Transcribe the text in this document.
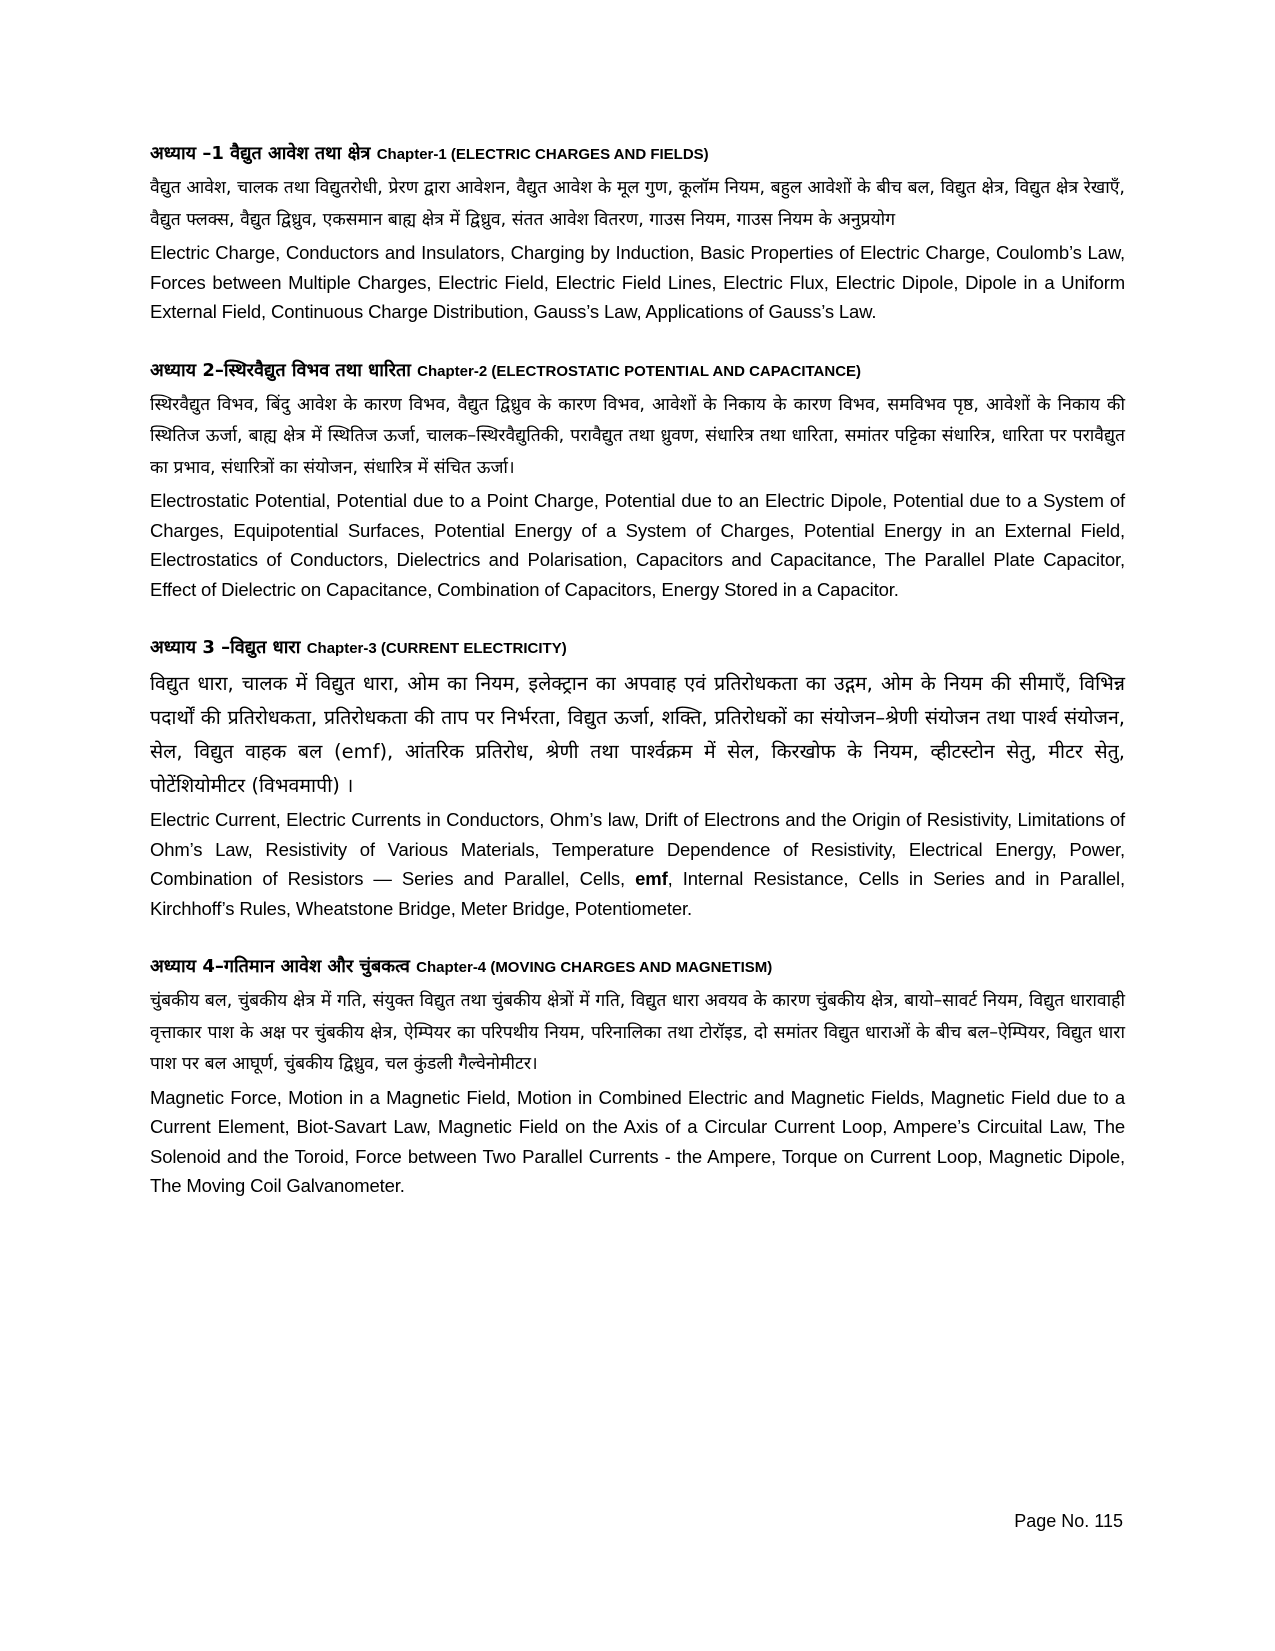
अध्याय –1 वैद्युत आवेश तथा क्षेत्र Chapter-1 (ELECTRIC CHARGES AND FIELDS)

वैद्युत आवेश, चालक तथा विद्युतरोधी, प्रेरण द्वारा आवेशन, वैद्युत आवेश के मूल गुण, कूलॉम नियम, बहुल आवेशों के बीच बल, विद्युत क्षेत्र, विद्युत क्षेत्र रेखाएँ, वैद्युत फ्लक्स, वैद्युत द्विध्रुव, एकसमान बाह्य क्षेत्र में द्विध्रुव, संतत आवेश वितरण, गाउस नियम, गाउस नियम के अनुप्रयोग

Electric Charge, Conductors and Insulators, Charging by Induction, Basic Properties of Electric Charge, Coulomb’s Law, Forces between Multiple Charges, Electric Field, Electric Field Lines, Electric Flux, Electric Dipole, Dipole in a Uniform External Field, Continuous Charge Distribution, Gauss’s Law, Applications of Gauss’s Law.

अध्याय 2–स्थिरवैद्युत विभव तथा धारिता Chapter-2 (ELECTROSTATIC POTENTIAL AND CAPACITANCE)

स्थिरवैद्युत विभव, बिंदु आवेश के कारण विभव, वैद्युत द्विध्रुव के कारण विभव, आवेशों के निकाय के कारण विभव, समविभव पृष्ठ, आवेशों के निकाय की स्थितिज ऊर्जा, बाह्य क्षेत्र में स्थितिज ऊर्जा, चालक–स्थिरवैद्युतिकी, परावैद्युत तथा ध्रुवण, संधारित्र तथा धारिता, समांतर पट्टिका संधारित्र, धारिता पर परावैद्युत का प्रभाव, संधारित्रों का संयोजन, संधारित्र में संचित ऊर्जा।

Electrostatic Potential, Potential due to a Point Charge, Potential due to an Electric Dipole, Potential due to a System of Charges, Equipotential Surfaces, Potential Energy of a System of Charges, Potential Energy in an External Field, Electrostatics of Conductors, Dielectrics and Polarisation, Capacitors and Capacitance, The Parallel Plate Capacitor, Effect of Dielectric on Capacitance, Combination of Capacitors, Energy Stored in a Capacitor.

अध्याय 3 –विद्युत धारा Chapter-3 (CURRENT ELECTRICITY)

विद्युत धारा, चालक में विद्युत धारा, ओम का नियम, इलेक्ट्रान का अपवाह एवं प्रतिरोधकता का उद्गम, ओम के नियम की सीमाएँ, विभिन्न पदार्थों की प्रतिरोधकता, प्रतिरोधकता की ताप पर निर्भरता, विद्युत ऊर्जा, शक्ति, प्रतिरोधकों का संयोजन–श्रेणी संयोजन तथा पार्श्व संयोजन, सेल, विद्युत वाहक बल (emf), आंतरिक प्रतिरोध, श्रेणी तथा पार्श्वक्रम में सेल, किरखोफ के नियम, व्हीटस्टोन सेतु, मीटर सेतु, पोटेंशियोमीटर (विभवमापी) ।

Electric Current, Electric Currents in Conductors, Ohm’s law, Drift of Electrons and the Origin of Resistivity, Limitations of Ohm’s Law, Resistivity of Various Materials, Temperature Dependence of Resistivity, Electrical Energy, Power, Combination of Resistors — Series and Parallel, Cells, emf, Internal Resistance, Cells in Series and in Parallel, Kirchhoff’s Rules, Wheatstone Bridge, Meter Bridge, Potentiometer.

अध्याय 4–गतिमान आवेश और चुंबकत्व Chapter-4 (MOVING CHARGES AND MAGNETISM)

चुंबकीय बल, चुंबकीय क्षेत्र में गति, संयुक्त विद्युत तथा चुंबकीय क्षेत्रों में गति, विद्युत धारा अवयव के कारण चुंबकीय क्षेत्र, बायो–सावर्ट नियम, विद्युत धारावाही वृत्ताकार पाश के अक्ष पर चुंबकीय क्षेत्र, ऐम्पियर का परिपथीय नियम, परिनालिका तथा टोरॉइड, दो समांतर विद्युत धाराओं के बीच बल–ऐम्पियर, विद्युत धारा पाश पर बल आघूर्ण, चुंबकीय द्विध्रुव, चल कुंडली गैल्वेनोमीटर।

Magnetic Force, Motion in a Magnetic Field, Motion in Combined Electric and Magnetic Fields, Magnetic Field due to a Current Element, Biot-Savart Law, Magnetic Field on the Axis of a Circular Current Loop, Ampere’s Circuital Law, The Solenoid and the Toroid, Force between Two Parallel Currents - the Ampere, Torque on Current Loop, Magnetic Dipole, The Moving Coil Galvanometer.

Page No. 115
